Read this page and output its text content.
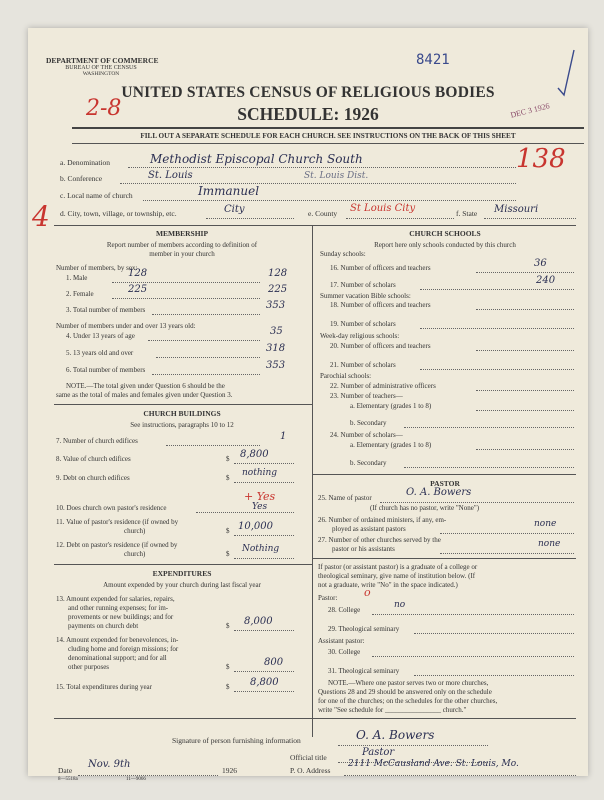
DEPARTMENT OF COMMERCE
BUREAU OF THE CENSUS
WASHINGTON
8421
DEC 3 1926
2-8
UNITED STATES CENSUS OF RELIGIOUS BODIES
SCHEDULE: 1926
FILL OUT A SEPARATE SCHEDULE FOR EACH CHURCH. SEE INSTRUCTIONS ON THE BACK OF THIS SHEET
a. Denomination	Methodist Episcopal Church South	138
b. Conference	St. Louis	St. Louis Dist.
c. Local name of church	Immanuel
4 d. City, town, village, or township, etc.	City	e. County St Louis City	f. State Missouri
MEMBERSHIP
Report number of members according to definition of
member in your church
Number of members, by sex:
1. Male	128	128
2. Female	225	225
3. Total number of members	353
Number of members under and over 13 years old:
4. Under 13 years of age	35
5. 13 years old and over	318
6. Total number of members	353
NOTE.—The total given under Question 6 should be the
same as the total of males and females given under Question 3.
CHURCH BUILDINGS
See instructions, paragraphs 10 to 12
7. Number of church edifices	1
8. Value of church edifices	$ 8,800
9. Debt on church edifices	$ nothing
10. Does church own pastor's residence	Yes
+ Yes
11. Value of pastor's residence (if owned by
church)	$ 10,000
12. Debt on pastor's residence (if owned by
church)	$ Nothing
EXPENDITURES
Amount expended by your church during last fiscal year
13. Amount expended for salaries, repairs,
and other running expenses; for im-
provements or new buildings; and for
payments on church debt	$ 8,000
14. Amount expended for benevolences, in-
cluding home and foreign missions; for
denominational support; and for all
other purposes	$	800
15. Total expenditures during year	$ 8,800
CHURCH SCHOOLS
Report here only schools conducted by this church
Sunday schools:
16. Number of officers and teachers	36
17. Number of scholars	240
Summer vacation Bible schools:
18. Number of officers and teachers
19. Number of scholars
Week-day religious schools:
20. Number of officers and teachers
21. Number of scholars
Parochial schools:
22. Number of administrative officers
23. Number of teachers—
a. Elementary (grades 1 to 8)
b. Secondary
24. Number of scholars—
a. Elementary (grades 1 to 8)
b. Secondary
PASTOR
25. Name of pastor	O. A. Bowers
(If church has no pastor, write "None")
26. Number of ordained ministers, if any, em-
ployed as assistant pastors	none
27. Number of other churches served by the
pastor or his assistants	none
If pastor (or assistant pastor) is a graduate of a college or
theological seminary, give name of institution below. (If
not a graduate, write "No" in the space indicated.)
Pastor: o
28. College	no
29. Theological seminary
Assistant pastor:
30. College
31. Theological seminary
NOTE.—Where one pastor serves two or more churches,
Questions 28 and 29 should be answered only on the schedule
for one of the churches; on the schedules for the other churches,
write "See schedule for ________________ church."
Signature of person furnishing information	O. A. Bowers
Official title	Pastor
Date
Nov. 9th
1926	P. O. Address
2111 McCausland Ave. St. Louis, Mo.
8—5518a	11—9066
